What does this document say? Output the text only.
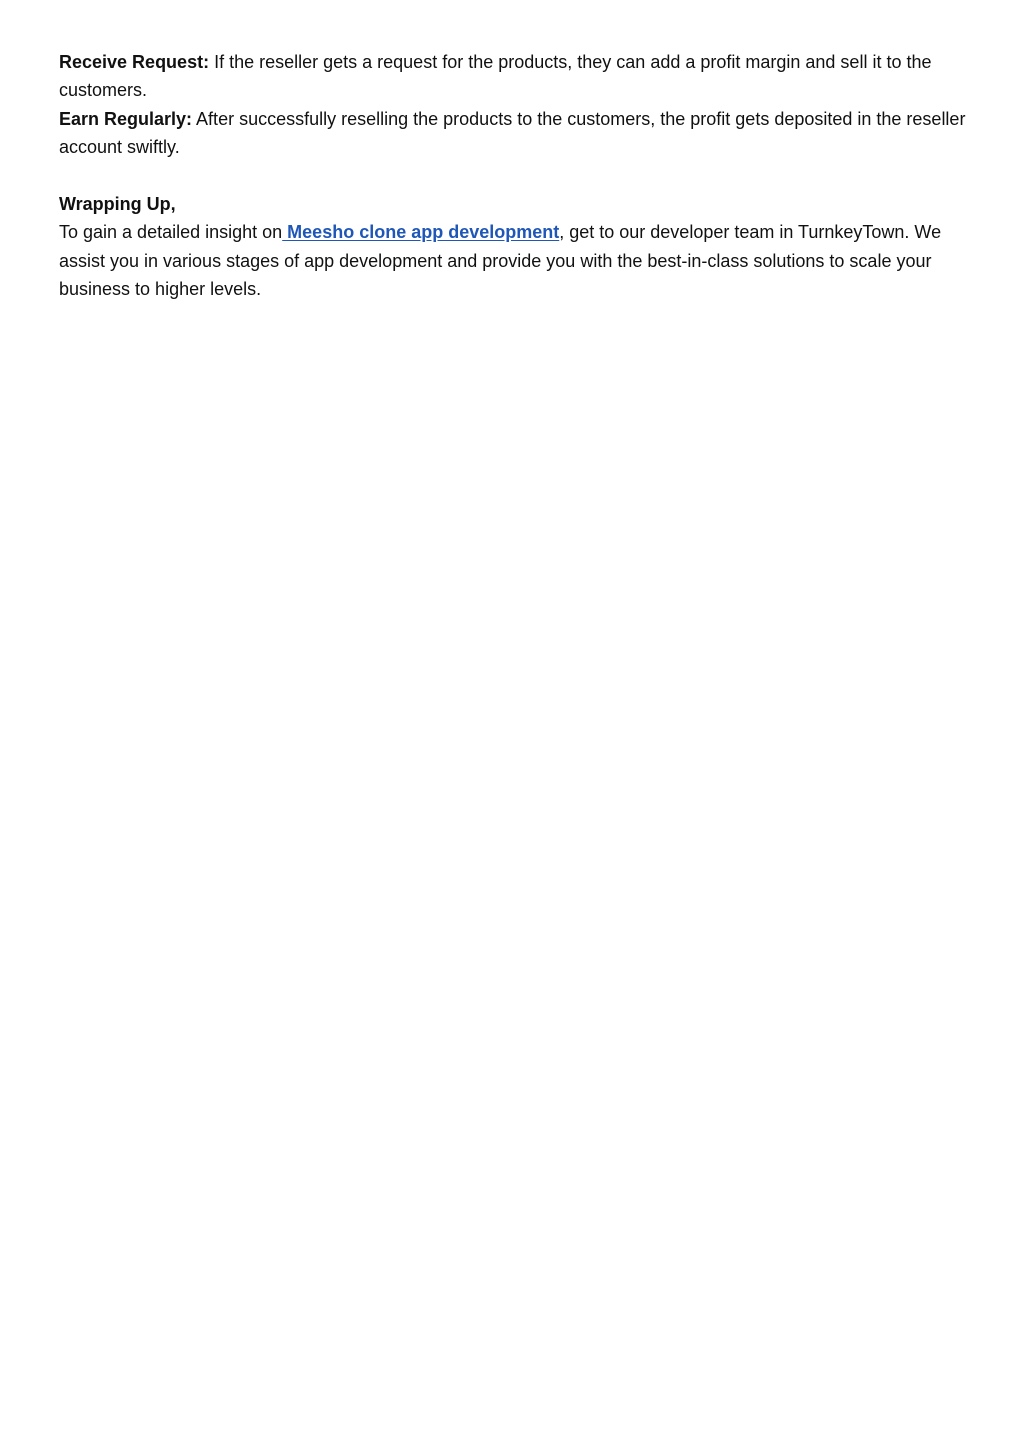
Receive Request: If the reseller gets a request for the products, they can add a profit margin and sell it to the customers.

Earn Regularly: After successfully reselling the products to the customers, the profit gets deposited in the reseller account swiftly.

Wrapping Up,

To gain a detailed insight on Meesho clone app development, get to our developer team in TurnkeyTown. We assist you in various stages of app development and provide you with the best-in-class solutions to scale your business to higher levels.
